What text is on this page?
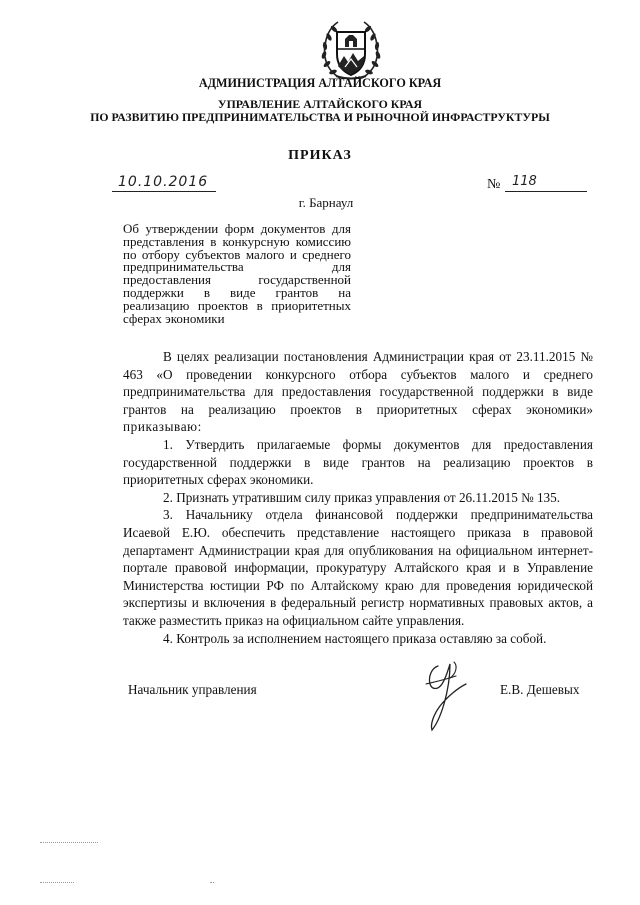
АДМИНИСТРАЦИЯ АЛТАЙСКОГО КРАЯ
УПРАВЛЕНИЕ АЛТАЙСКОГО КРАЯ
ПО РАЗВИТИЮ ПРЕДПРИНИМАТЕЛЬСТВА И РЫНОЧНОЙ ИНФРАСТРУКТУРЫ
ПРИКАЗ
10.10.2016	№ 118
г. Барнаул
Об утверждении форм документов для представления в конкурсную комиссию по отбору субъектов малого и среднего предпринимательства для предоставления государственной поддержки в виде грантов на реализацию проектов в приоритетных сферах экономики

В целях реализации постановления Администрации края от 23.11.2015 № 463 «О проведении конкурсного отбора субъектов малого и среднего предпринимательства для предоставления государственной поддержки в виде грантов на реализацию проектов в приоритетных сферах экономики» приказываю:

1. Утвердить прилагаемые формы документов для предоставления государственной поддержки в виде грантов на реализацию проектов в приоритетных сферах экономики.

2. Признать утратившим силу приказ управления от 26.11.2015 № 135.

3. Начальнику отдела финансовой поддержки предпринимательства Исаевой Е.Ю. обеспечить представление настоящего приказа в правовой департамент Администрации края для опубликования на официальном интернет-портале правовой информации, прокуратуру Алтайского края и в Управление Министерства юстиции РФ по Алтайскому краю для проведения юридической экспертизы и включения в федеральный регистр нормативных правовых актов, а также разместить приказ на официальном сайте управления.

4. Контроль за исполнением настоящего приказа оставляю за собой.

Начальник управления	Е.В. Дешевых
